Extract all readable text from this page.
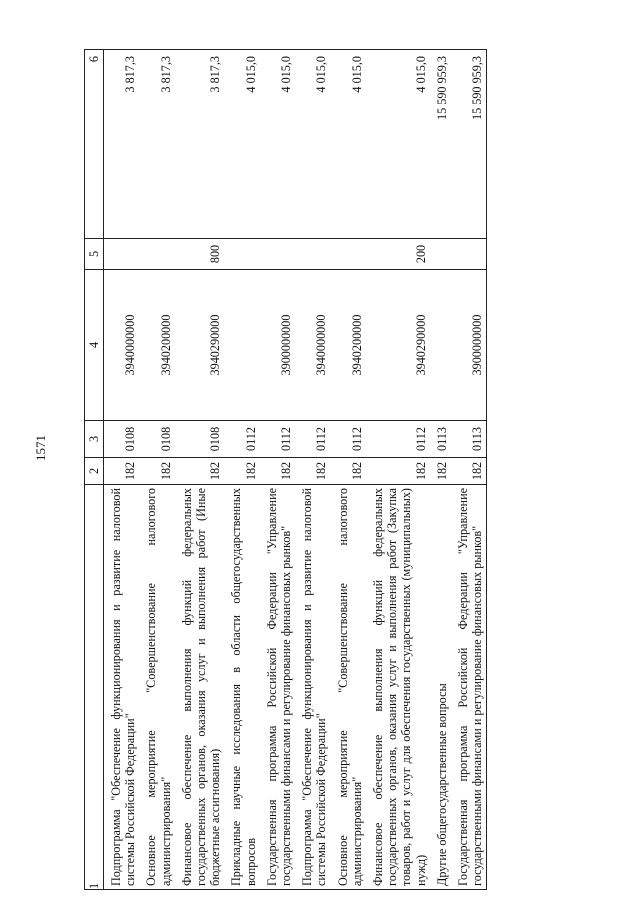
1571
1	2	3	4	5	6
Подпрограмма "Обеспечение функционирования и развитие налоговой системы Российской Федерации"	182	0108	3940000000		3 817,3
Основное мероприятие "Совершенствование налогового администрирования"	182	0108	3940200000		3 817,3
Финансовое обеспечение выполнения функций федеральных государственных органов, оказания услуг и выполнения работ (Иные бюджетные ассигнования)	182	0108	3940290000	800	3 817,3
Прикладные научные исследования в области общегосударственных вопросов	182	0112			4 015,0
Государственная программа Российской Федерации "Управление государственными финансами и регулирование финансовых рынков"	182	0112	3900000000		4 015,0
Подпрограмма "Обеспечение функционирования и развитие налоговой системы Российской Федерации"	182	0112	3940000000		4 015,0
Основное мероприятие "Совершенствование налогового администрирования"	182	0112	3940200000		4 015,0
Финансовое обеспечение выполнения функций федеральных государственных органов, оказания услуг и выполнения работ (Закупка товаров, работ и услуг для обеспечения государственных (муниципальных) нужд)	182	0112	3940290000	200	4 015,0
Другие общегосударственные вопросы	182	0113			15 590 959,3
Государственная программа Российской Федерации "Управление государственными финансами и регулирование финансовых рынков"	182	0113	3900000000		15 590 959,3
